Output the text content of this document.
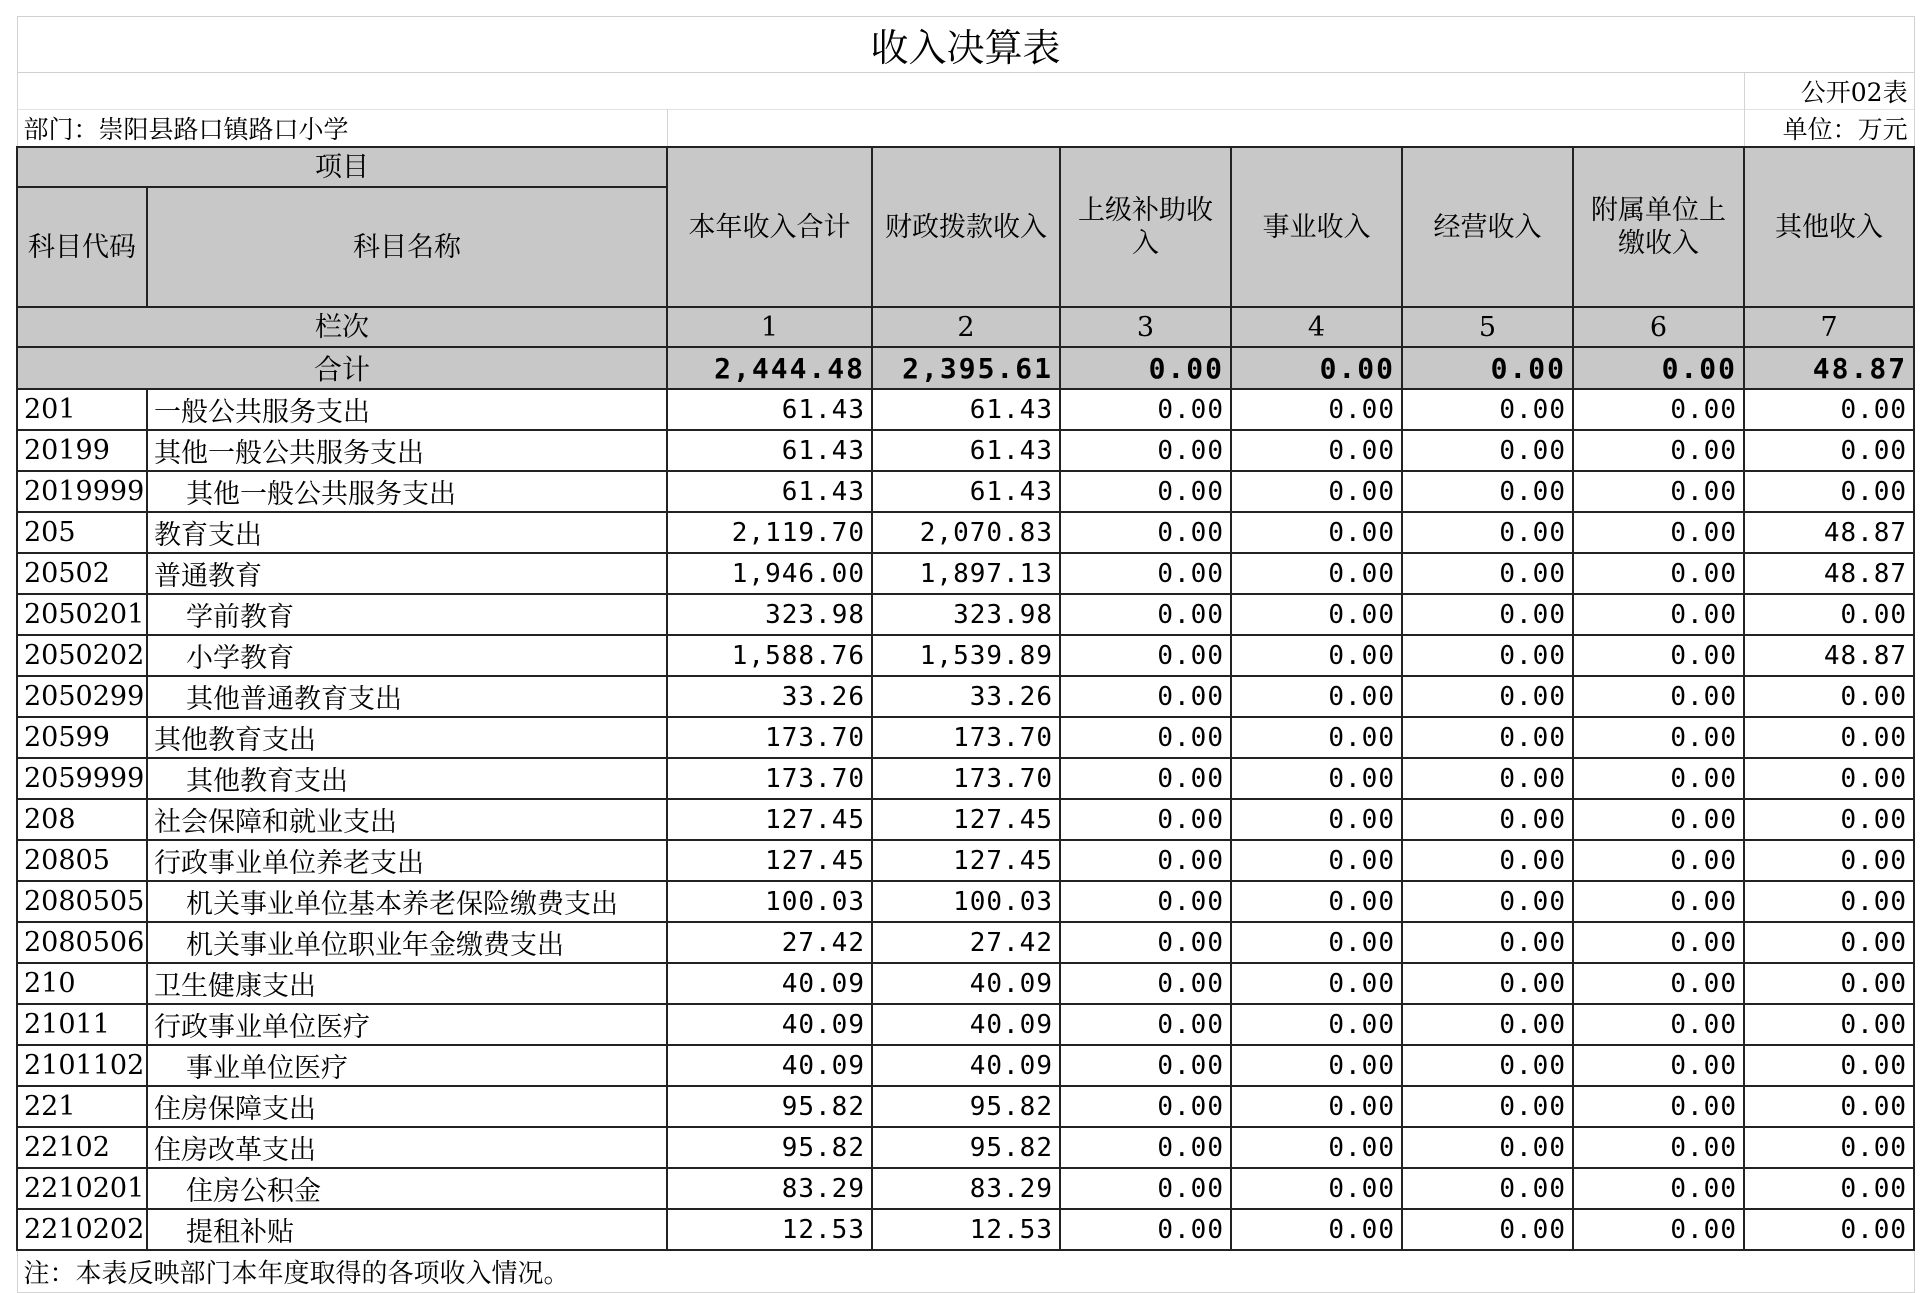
收入决算表								
								公开02表
部门：崇阳县路口镇路口小学								单位：万元
项目		本年收入合计	财政拨款收入	上级补助收入	事业收入	经营收入	附属单位上缴收入	其他收入
科目代码	科目名称							
栏次		1	2	3	4	5	6	7
合计		2,444.48	2,395.61	0.00	0.00	0.00	0.00	48.87
201	一般公共服务支出	61.43	61.43	0.00	0.00	0.00	0.00	0.00
20199	其他一般公共服务支出	61.43	61.43	0.00	0.00	0.00	0.00	0.00
2019999	其他一般公共服务支出	61.43	61.43	0.00	0.00	0.00	0.00	0.00
205	教育支出	2,119.70	2,070.83	0.00	0.00	0.00	0.00	48.87
20502	普通教育	1,946.00	1,897.13	0.00	0.00	0.00	0.00	48.87
2050201	学前教育	323.98	323.98	0.00	0.00	0.00	0.00	0.00
2050202	小学教育	1,588.76	1,539.89	0.00	0.00	0.00	0.00	48.87
2050299	其他普通教育支出	33.26	33.26	0.00	0.00	0.00	0.00	0.00
20599	其他教育支出	173.70	173.70	0.00	0.00	0.00	0.00	0.00
2059999	其他教育支出	173.70	173.70	0.00	0.00	0.00	0.00	0.00
208	社会保障和就业支出	127.45	127.45	0.00	0.00	0.00	0.00	0.00
20805	行政事业单位养老支出	127.45	127.45	0.00	0.00	0.00	0.00	0.00
2080505	机关事业单位基本养老保险缴费支出	100.03	100.03	0.00	0.00	0.00	0.00	0.00
2080506	机关事业单位职业年金缴费支出	27.42	27.42	0.00	0.00	0.00	0.00	0.00
210	卫生健康支出	40.09	40.09	0.00	0.00	0.00	0.00	0.00
21011	行政事业单位医疗	40.09	40.09	0.00	0.00	0.00	0.00	0.00
2101102	事业单位医疗	40.09	40.09	0.00	0.00	0.00	0.00	0.00
221	住房保障支出	95.82	95.82	0.00	0.00	0.00	0.00	0.00
22102	住房改革支出	95.82	95.82	0.00	0.00	0.00	0.00	0.00
2210201	住房公积金	83.29	83.29	0.00	0.00	0.00	0.00	0.00
2210202	提租补贴	12.53	12.53	0.00	0.00	0.00	0.00	0.00
注：本表反映部门本年度取得的各项收入情况。								
